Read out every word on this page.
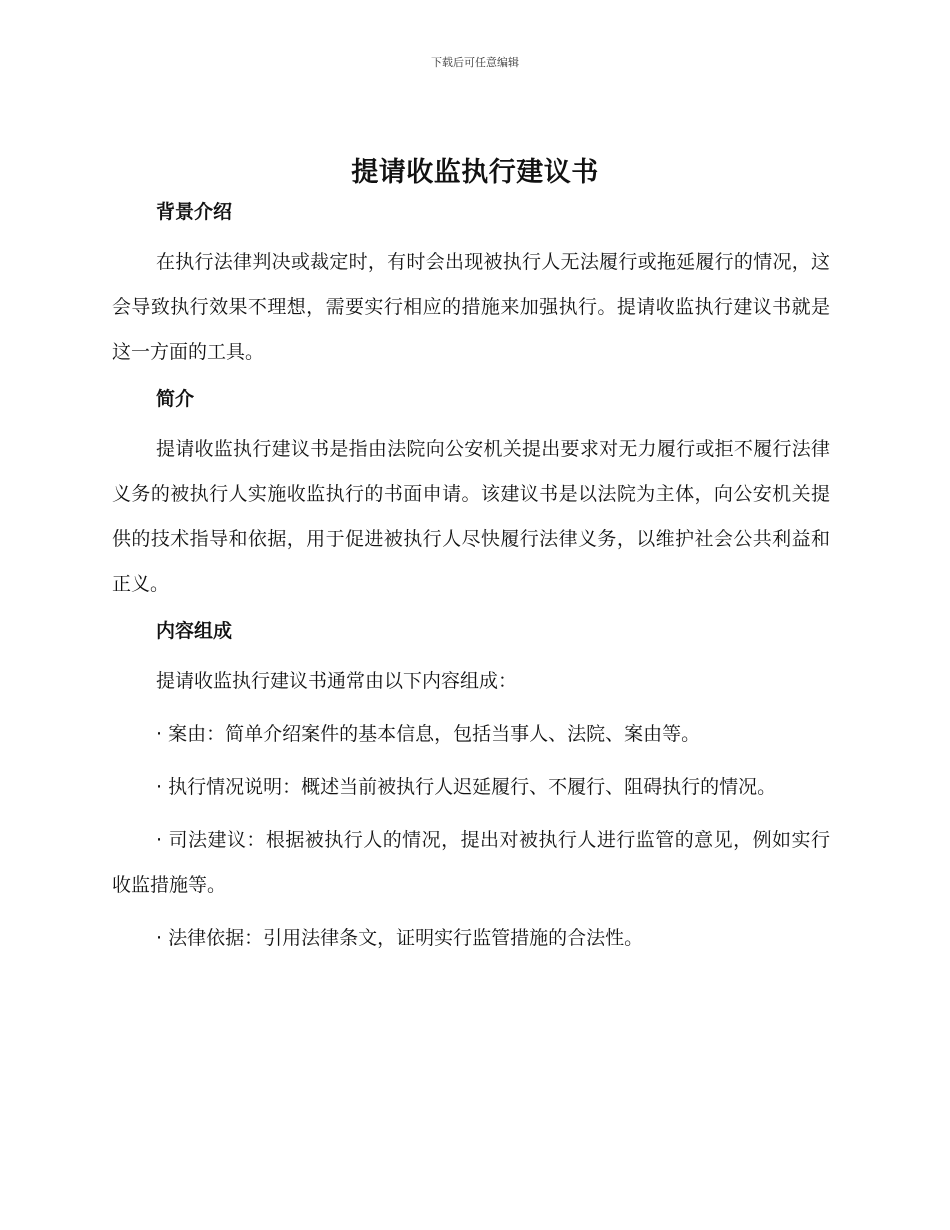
下载后可任意编辑
提请收监执行建议书
背景介绍

在执行法律判决或裁定时，有时会出现被执行人无法履行或拖延履行的情况，这会导致执行效果不理想，需要实行相应的措施来加强执行。提请收监执行建议书就是这一方面的工具。

简介

提请收监执行建议书是指由法院向公安机关提出要求对无力履行或拒不履行法律义务的被执行人实施收监执行的书面申请。该建议书是以法院为主体，向公安机关提供的技术指导和依据，用于促进被执行人尽快履行法律义务，以维护社会公共利益和正义。

内容组成

提请收监执行建议书通常由以下内容组成：

· 案由：简单介绍案件的基本信息，包括当事人、法院、案由等。

· 执行情况说明：概述当前被执行人迟延履行、不履行、阻碍执行的情况。

· 司法建议：根据被执行人的情况，提出对被执行人进行监管的意见，例如实行收监措施等。

· 法律依据：引用法律条文，证明实行监管措施的合法性。
